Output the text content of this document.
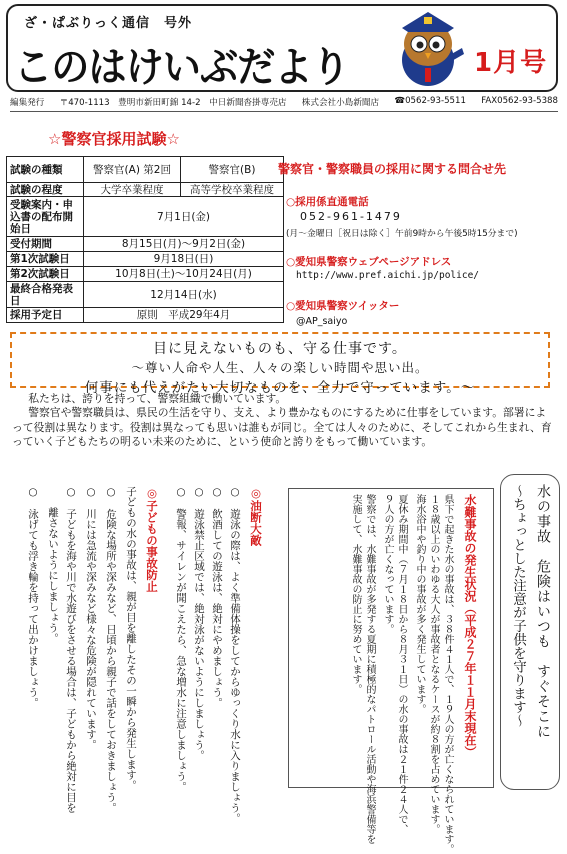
ざ・ぱぶりっく通信　号外
このはけいぶだより	1月号
編集発行 〒470-1113　豊明市新田町錦 14-2　中日新聞沓掛専売店 株式会社小島新聞店 ☎0562-93-5511 FAX0562-93-5388
☆警察官採用試験☆
試験の種類	警察官(A) 第2回	警察官(B)
試験の程度	大学卒業程度	高等学校卒業程度
受験案内・申込書の配布開始日	7月1日(金)	
受付期間	8月15日(月)～9月2日(金)	
第1次試験日	9月18日(日)	
第2次試験日	10月8日(土)～10月24日(月)	
最終合格発表日	12月14日(水)	
採用予定日	原則　平成29年4月	
警察官・警察職員の採用に関する問合せ先
○採用係直通電話
052-961-1479
(月～金曜日［祝日は除く］午前9時から午後5時15分まで)
○愛知県警察ウェブページアドレス
http://www.pref.aichi.jp/police/
○愛知県警察ツイッター
@AP_saiyo
目に見えないものも、守る仕事です。
～尊い人命や人生、人々の楽しい時間や思い出。
何事にも代えがたい大切なものを、全力で守っています。～

私たちは、誇りを持って、警察組織で働いています。

警察官や警察職員は、県民の生活を守り、支え、より豊かなものにするために仕事をしています。部署によって役割は異なります。役割は異なっても思いは誰もが同じ。全ては人々のために、そしてこれから生まれ、育っていく子どもたちの明るい未来のために、という使命と誇りをもって働いています。

水の事故　危険はいつも　すぐそこに
～ちょっとした注意が子供を守ります～
水難事故の発生状況（平成２７年１１月末現在）
県下で起きた水の事故は、３８件４１人で、１９人の方が亡くなられています。
１８歳以上のいわゆる大人が事故者となるケースが約８割を占めています。
海水浴中や釣り中の事故が多く発生しています。
夏休み期間中（７月１８日から８月３１日）の水の事故は２１件２４人で、
９人の方が亡くなっています。
警察では、水難事故が多発する夏期に積極的なパトロール活動や海浜警備等を
実施して、水難事故の防止に努めています。
◎油断大敵
○　遊泳の際は、よく準備体操をしてからゆっくり水に入りましょう。
○　飲酒しての遊泳は、絶対にやめましょう。
○　遊泳禁止区域では、絶対泳がないようにしましょう。
○　警報、サイレンが聞こえたら、急な増水に注意しましょう。
◎子どもの事故防止
子どもの水の事故は、親が目を離したその一瞬から発生します。
○　危険な場所や深みなど、日頃から親子で話をしておきましょう。
○　川には急流や深みなど様々な危険が隠れています。
○　子どもを海や川で水遊びをさせる場合は、子どもから絶対に目を
　　離さないようにしましょう。
○　泳げても浮き輪を持って出かけましょう。
